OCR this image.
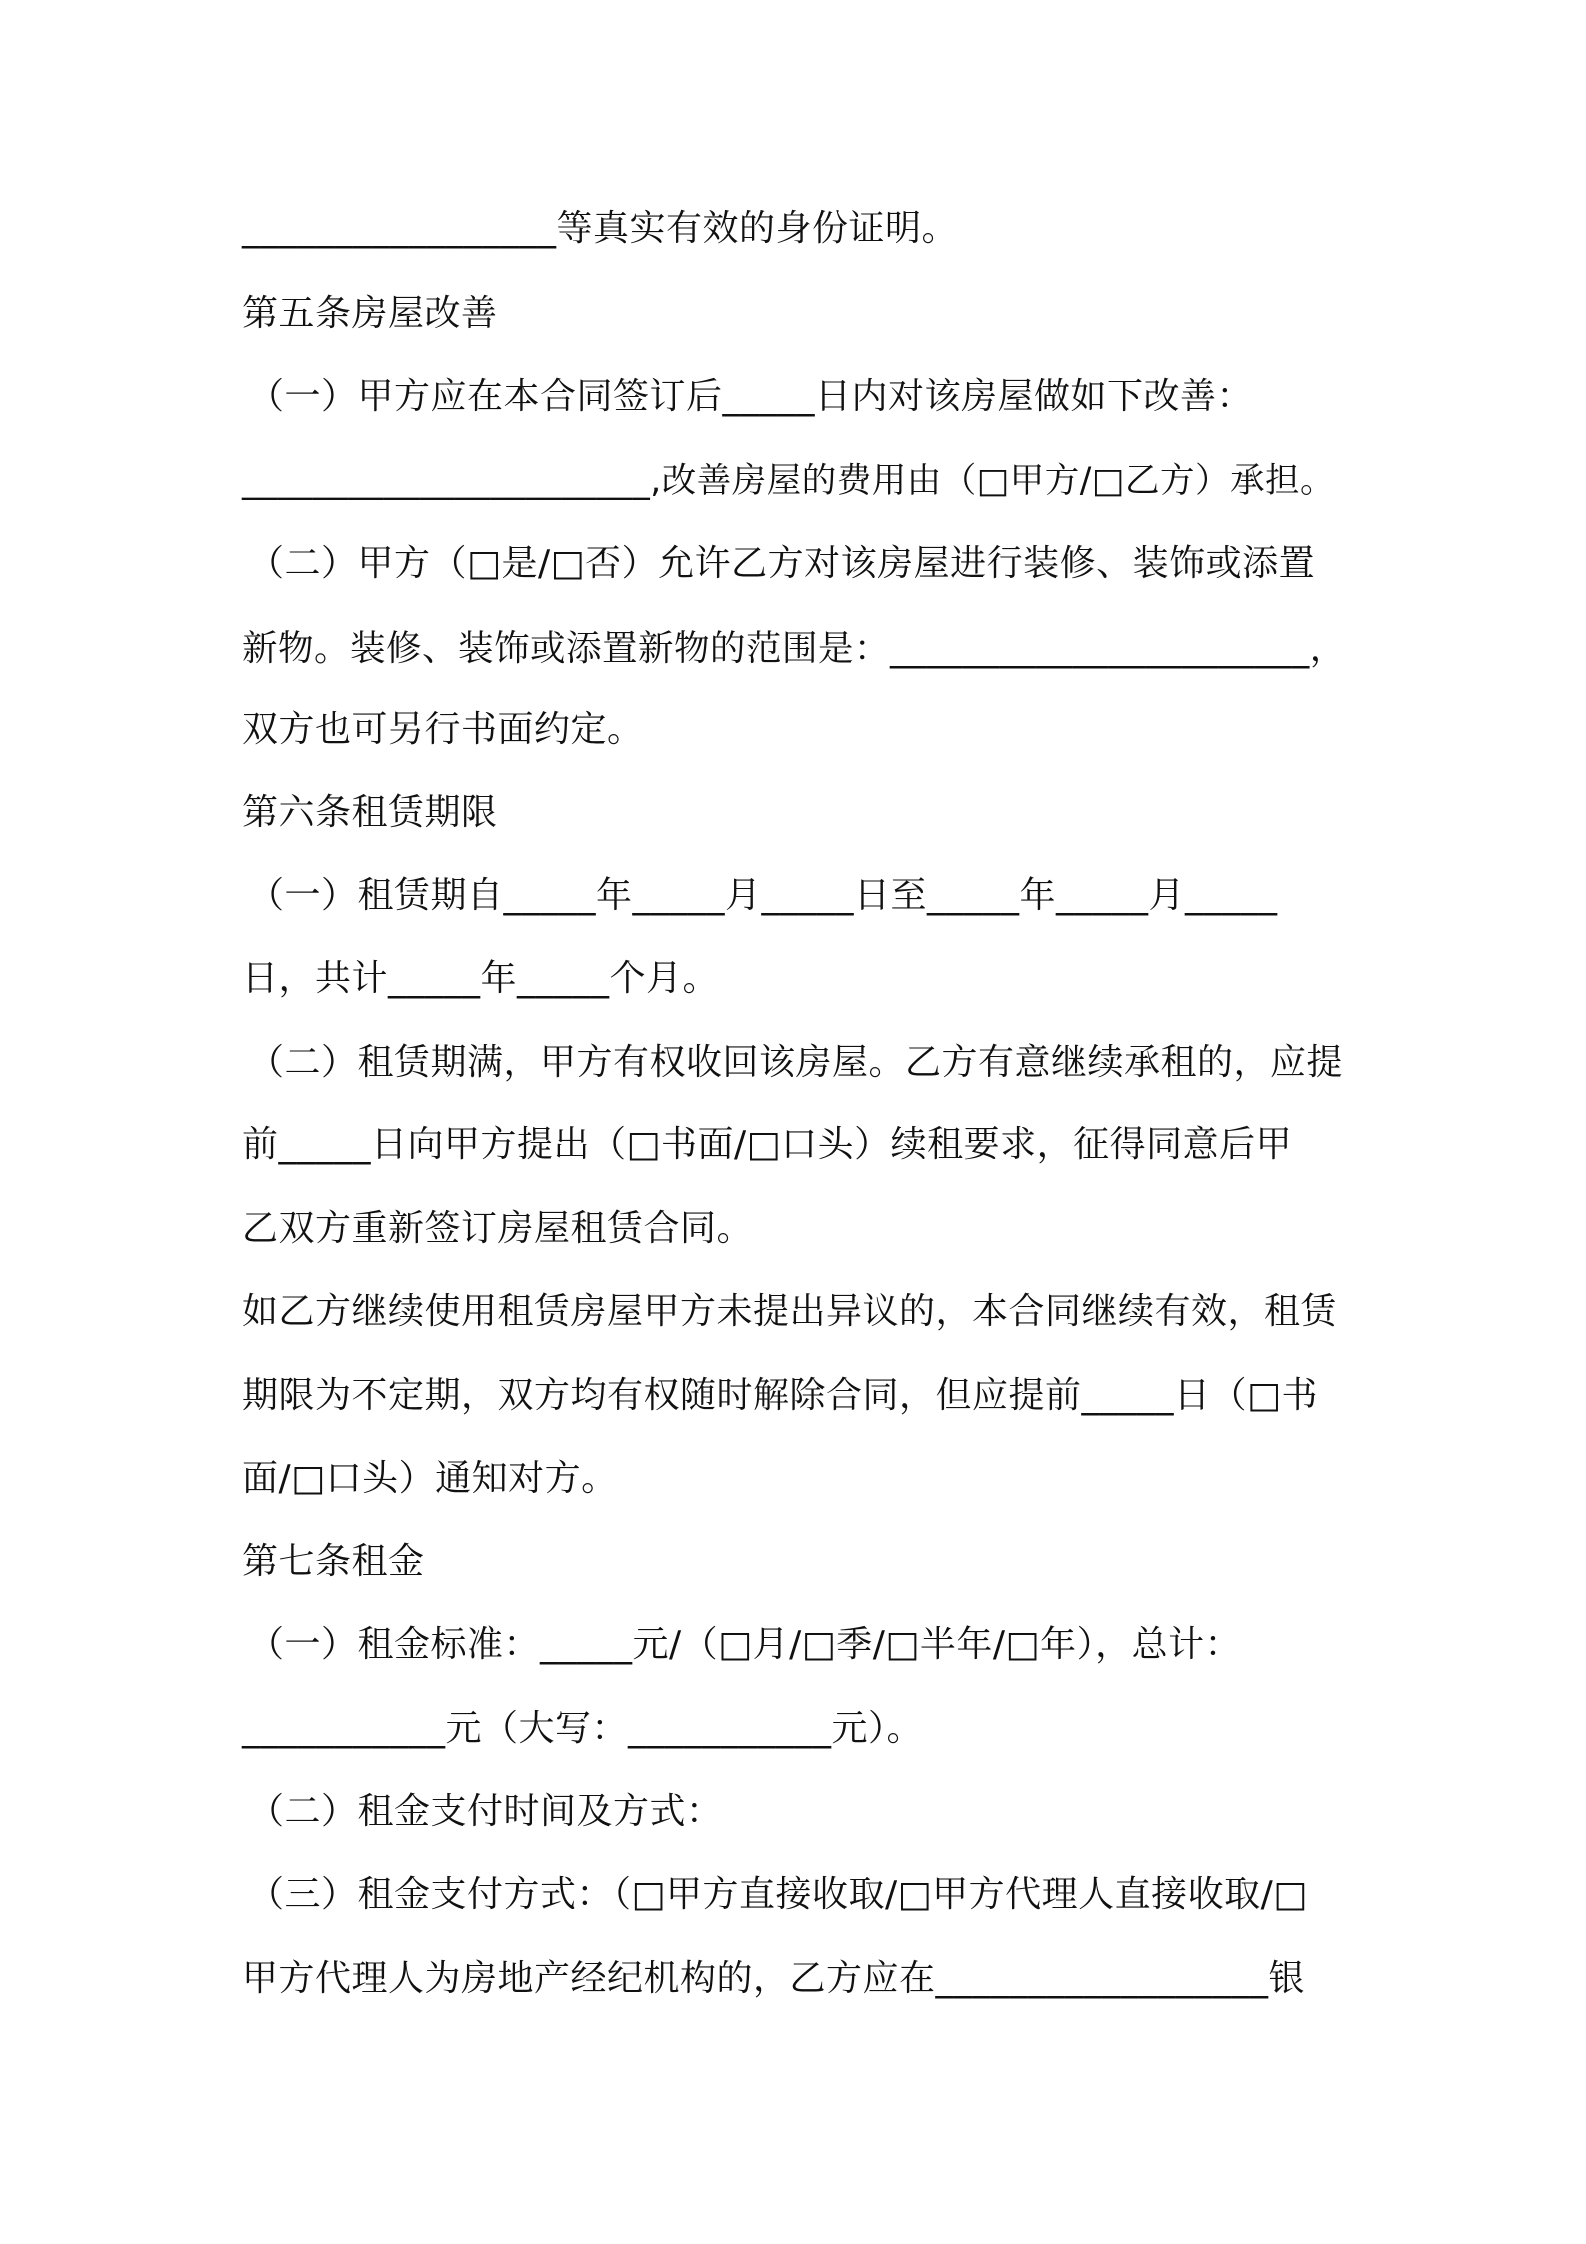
_________________等真实有效的身份证明。
第五条房屋改善
（一）甲方应在本合同签订后_____日内对该房屋做如下改善：
_______________________,改善房屋的费用由（□甲方/□乙方）承担。
（二）甲方（□是/□否）允许乙方对该房屋进行装修、装饰或添置
新物。装修、装饰或添置新物的范围是：_______________________，
双方也可另行书面约定。
第六条租赁期限
（一）租赁期自_____年_____月_____日至_____年_____月_____
日，共计_____年_____个月。
（二）租赁期满，甲方有权收回该房屋。乙方有意继续承租的，应提
前_____日向甲方提出（□书面/□口头）续租要求，征得同意后甲
乙双方重新签订房屋租赁合同。
如乙方继续使用租赁房屋甲方未提出异议的，本合同继续有效，租赁
期限为不定期，双方均有权随时解除合同，但应提前_____日（□书
面/□口头）通知对方。
第七条租金
（一）租金标准：_____元/（□月/□季/□半年/□年），总计：
___________元（大写：___________元）。
（二）租金支付时间及方式：
（三）租金支付方式：（□甲方直接收取/□甲方代理人直接收取/□
甲方代理人为房地产经纪机构的，乙方应在__________________银
